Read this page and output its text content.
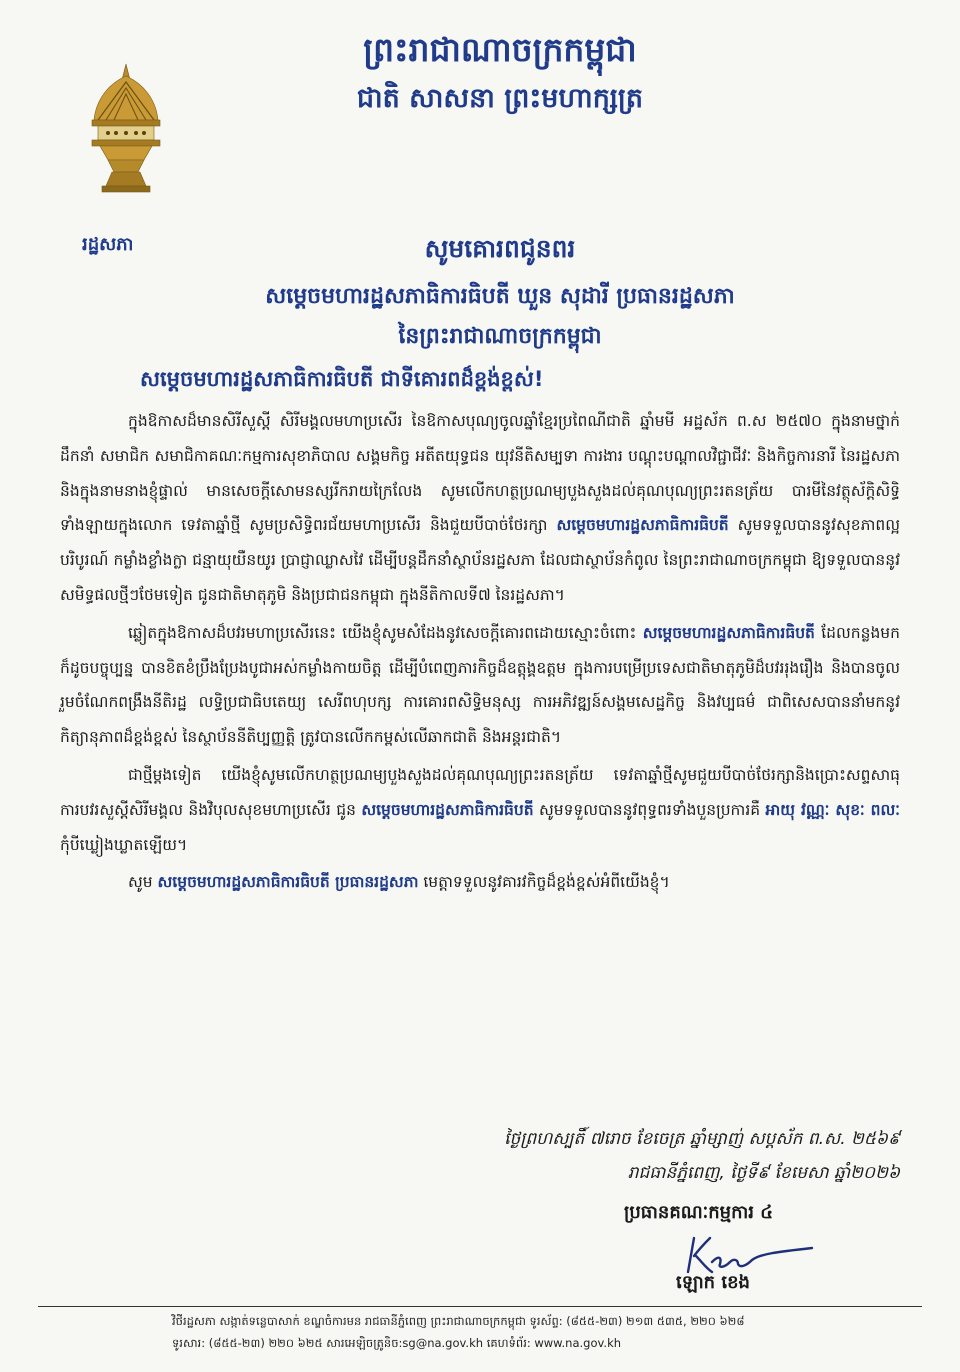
រដ្ឋសភា
ព្រះរាជាណាចក្រកម្ពុជា
ជាតិ សាសនា ព្រះមហាក្សត្រ
សូមគោរពជូនពរ
សម្ដេចមហារដ្ឋសភាធិការធិបតី ឃួន សុដារី ប្រធានរដ្ឋសភា
នៃព្រះរាជាណាចក្រកម្ពុជា
សម្ដេចមហារដ្ឋសភាធិការធិបតី ជាទីគោរពដ៏ខ្ពង់ខ្ពស់!

ក្នុងឱកាសដ៏មានសិរីសួស្ដី សិរីមង្គលមហាប្រសើរ នៃឱកាសបុណ្យចូលឆ្នាំខ្មែរប្រពៃណីជាតិ ឆ្នាំមមី អដ្ឋស័ក ព.ស ២៥៧០ ក្នុងនាមថ្នាក់ដឹកនាំ សមាជិក សមាជិកាគណៈកម្មការសុខាភិបាល សង្គមកិច្ច អតីតយុទ្ធជន យុវនីតិសម្បទា ការងារ បណ្ដុះបណ្ដាលវិជ្ជាជីវៈ និងកិច្ចការនារី នៃរដ្ឋសភា និងក្នុងនាមនាងខ្ញុំផ្ទាល់ មានសេចក្ដីសោមនស្សរីករាយក្រៃលែង សូមលើកហត្ថប្រណម្យបួងសួងដល់គុណបុណ្យព្រះរតនត្រ័យ បារមីនៃវត្ថុស័ក្ដិសិទ្ធិទាំងឡាយក្នុងលោក ទេវតាឆ្នាំថ្មី សូមប្រសិទ្ធិពរជ័យមហាប្រសើរ និងជួយបីបាច់ថែរក្សា សម្ដេចមហារដ្ឋសភាធិការធិបតី សូមទទួលបាននូវសុខភាពល្អបរិបូរណ៍ កម្លាំងខ្លាំងក្លា ជន្មាយុយឺនយូរ ប្រាជ្ញាឈ្លាសវៃ ដើម្បីបន្តដឹកនាំស្ថាប័នរដ្ឋសភា ដែលជាស្ថាប័នកំពូល នៃព្រះរាជាណាចក្រកម្ពុជា ឱ្យទទួលបាននូវសមិទ្ធផលថ្មីៗថែមទៀត ជូនជាតិមាតុភូមិ និងប្រជាជនកម្ពុជា ក្នុងនីតិកាលទី៧ នៃរដ្ឋសភា។

ឆ្លៀតក្នុងឱកាសដ៏បវរមហាប្រសើរនេះ យើងខ្ញុំសូមសំដែងនូវសេចក្ដីគោរពដោយស្មោះចំពោះ សម្ដេចមហារដ្ឋសភាធិការធិបតី ដែលកន្លងមកក៏ដូចបច្ចុប្បន្ន បានខិតខំប្រឹងប្រែងបូជាអស់កម្លាំងកាយចិត្ត ដើម្បីបំពេញភារកិច្ចដ៏ឧត្ដុង្គឧត្ដម ក្នុងការបម្រើប្រទេសជាតិមាតុភូមិដ៏បវររុងរឿង និងបានចូលរួមចំណែកពង្រឹងនីតិរដ្ឋ លទ្ធិប្រជាធិបតេយ្យ សេរីពហុបក្ស ការគោរពសិទ្ធិមនុស្ស ការអភិវឌ្ឍន៍សង្គមសេដ្ឋកិច្ច និងវប្បធម៌ ជាពិសេសបាននាំមកនូវកិត្យានុភាពដ៏ខ្ពង់ខ្ពស់ នៃស្ថាប័ននីតិប្បញ្ញត្តិ ត្រូវបានលើកកម្ពស់លើឆាកជាតិ និងអន្តរជាតិ។

ជាថ្មីម្ដងទៀត យើងខ្ញុំសូមលើកហត្ថប្រណម្យបួងសួងដល់គុណបុណ្យព្រះរតនត្រ័យ ទេវតាឆ្នាំថ្មីសូមជួយបីបាច់ថែរក្សានិងប្រោះសព្ទសាធុការបវរសួស្ដីសិរីមង្គល និងវិបុលសុខមហាប្រសើរ ជូន សម្ដេចមហារដ្ឋសភាធិការធិបតី សូមទទួលបាននូវពុទ្ធពរទាំងបួនប្រការគឺ អាយុ វណ្ណៈ សុខៈ ពលៈ កុំបីឃ្លៀងឃ្លាតឡើយ។

សូម សម្ដេចមហារដ្ឋសភាធិការធិបតី ប្រធានរដ្ឋសភា មេត្តាទទួលនូវគារវកិច្ចដ៏ខ្ពង់ខ្ពស់អំពីយើងខ្ញុំ។

ថ្ងៃព្រហស្បតិ៍ ៧រោច ខែចេត្រ ឆ្នាំម្សាញ់ សប្តស័ក ព.ស. ២៥៦៩
រាជធានីភ្នំពេញ, ថ្ងៃទី៩ ខែមេសា ឆ្នាំ២០២៦
ប្រធានគណៈកម្មការ ៤
ឡោក ខេង
វិថីរដ្ឋសភា សង្កាត់ទន្លេបាសាក់ ខណ្ឌចំការមន រាជធានីភ្នំពេញ ព្រះរាជាណាចក្រកម្ពុជា ទូរស័ព្ទ: (៨៥៥-២៣) ២១៣ ៥៣៥, ២២០ ៦២៨
ទូរសារ: (៨៥៥-២៣) ២២០ ៦២៥ សារអេឡិចត្រូនិច:sg@na.gov.kh គេហទំព័រ: www.na.gov.kh
